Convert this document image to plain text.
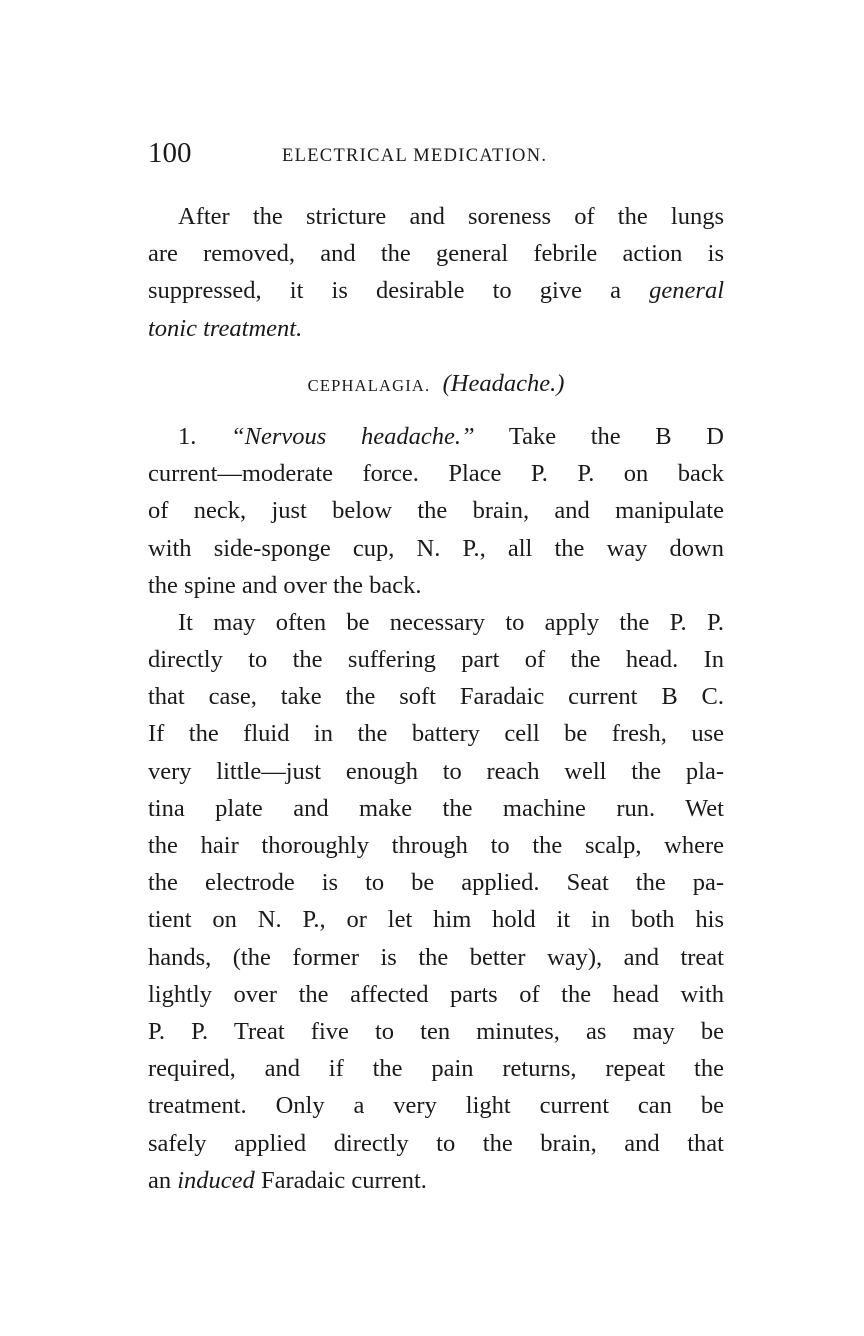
100	ELECTRICAL MEDICATION.
After the stricture and soreness of the lungs
are removed, and the general febrile action is
suppressed, it is desirable to give a general
tonic treatment.
CEPHALAGIA. (Headache.)
1. “Nervous headache.” Take the B D
current—moderate force. Place P. P. on back
of neck, just below the brain, and manipulate
with side-sponge cup, N. P., all the way down
the spine and over the back.
It may often be necessary to apply the P. P.
directly to the suffering part of the head. In
that case, take the soft Faradaic current B C.
If the fluid in the battery cell be fresh, use
very little—just enough to reach well the pla-
tina plate and make the machine run. Wet
the hair thoroughly through to the scalp, where
the electrode is to be applied. Seat the pa-
tient on N. P., or let him hold it in both his
hands, (the former is the better way), and treat
lightly over the affected parts of the head with
P. P. Treat five to ten minutes, as may be
required, and if the pain returns, repeat the
treatment. Only a very light current can be
safely applied directly to the brain, and that
an induced Faradaic current.
